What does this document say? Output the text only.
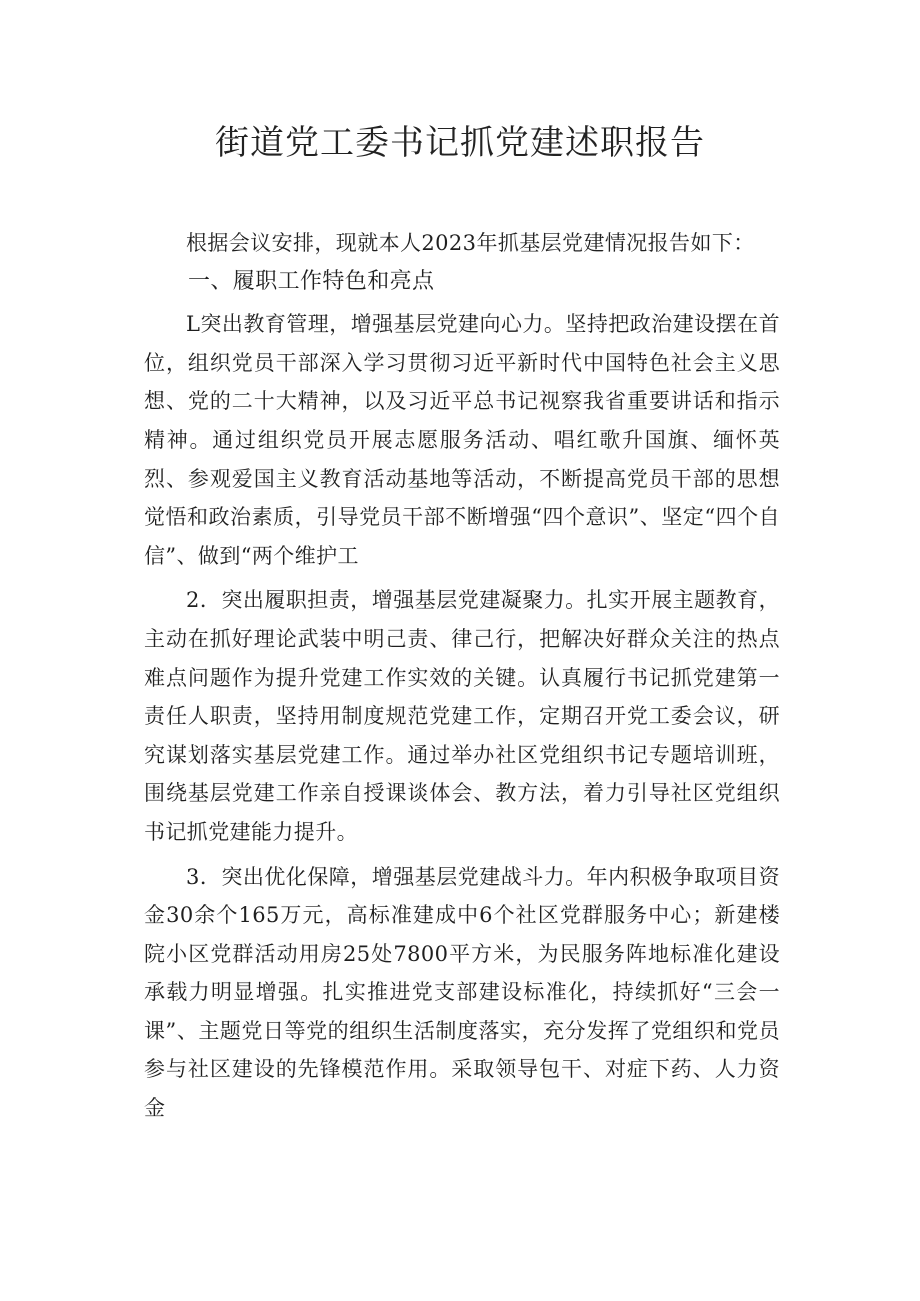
街道党工委书记抓党建述职报告

根据会议安排，现就本人2023年抓基层党建情况报告如下：

一、履职工作特色和亮点

L突出教育管理，增强基层党建向心力。坚持把政治建设摆在首位，组织党员干部深入学习贯彻习近平新时代中国特色社会主义思想、党的二十大精神，以及习近平总书记视察我省重要讲话和指示精神。通过组织党员开展志愿服务活动、唱红歌升国旗、缅怀英烈、参观爱国主义教育活动基地等活动，不断提高党员干部的思想觉悟和政治素质，引导党员干部不断增强“四个意识”、坚定“四个自信”、做到“两个维护工

2．突出履职担责，增强基层党建凝聚力。扎实开展主题教育，主动在抓好理论武装中明己责、律己行，把解决好群众关注的热点难点问题作为提升党建工作实效的关键。认真履行书记抓党建第一责任人职责，坚持用制度规范党建工作，定期召开党工委会议，研究谋划落实基层党建工作。通过举办社区党组织书记专题培训班，围绕基层党建工作亲自授课谈体会、教方法，着力引导社区党组织书记抓党建能力提升。

3．突出优化保障，增强基层党建战斗力。年内积极争取项目资金30余个165万元，高标准建成中6个社区党群服务中心；新建楼院小区党群活动用房25处7800平方米，为民服务阵地标准化建设承载力明显增强。扎实推进党支部建设标准化，持续抓好“三会一课”、主题党日等党的组织生活制度落实，充分发挥了党组织和党员参与社区建设的先锋模范作用。采取领导包干、对症下药、人力资金
